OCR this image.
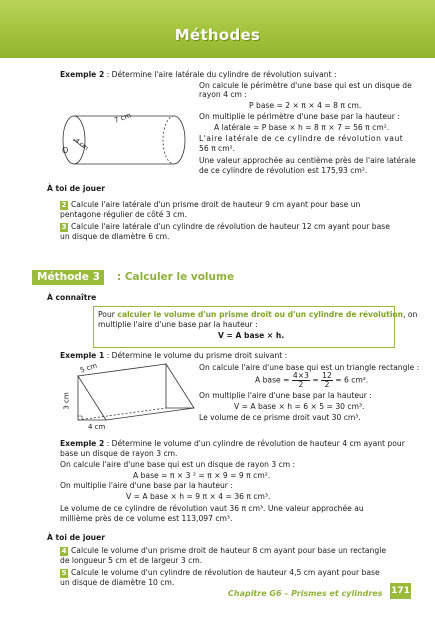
Méthodes
Exemple 2 : Détermine l'aire latérale du cylindre de révolution suivant :
O 4 cm
7 cm
On calcule le périmètre d'une base qui est un disque de
rayon 4 cm :
P base = 2 × π × 4 = 8 π cm.
On multiplie le périmètre d'une base par la hauteur :
A latérale = P base × h = 8 π × 7 = 56 π cm².
L'aire latérale de ce cylindre de révolution vaut
56 π cm².
Une valeur approchée au centième près de l'aire latérale
de ce cylindre de révolution est 175,93 cm².
À toi de jouer
2 Calcule l'aire latérale d'un prisme droit de hauteur 9 cm ayant pour base un
pentagone régulier de côté 3 cm.
3 Calcule l'aire latérale d'un cylindre de révolution de hauteur 12 cm ayant pour base
un disque de diamètre 6 cm.
Méthode 3	: Calculer le volume
À connaître
Pour calculer le volume d'un prisme droit ou d'un cylindre de révolution, on
multiplie l'aire d'une base par la hauteur :
V = A base × h.
Exemple 1 : Détermine le volume du prisme droit suivant :
5 cm
3 cm
4 cm
On calcule l'aire d'une base qui est un triangle rectangle :
A base = $\frac{4\times 3}{2} = \frac{12}{2} = 6$ cm².
On multiplie l'aire d'une base par la hauteur :
V = A base × h = 6 × 5 = 30 cm³.
Le volume de ce prisme droit vaut 30 cm³.
Exemple 2 : Détermine le volume d'un cylindre de révolution de hauteur 4 cm ayant pour
base un disque de rayon 3 cm.
On calcule l'aire d'une base qui est un disque de rayon 3 cm :
A base = π × 3 ² = π × 9 = 9 π cm².
On multiplie l'aire d'une base par la hauteur :
V = A base × h = 9 π × 4 = 36 π cm³.
Le volume de ce cylindre de révolution vaut 36 π cm³. Une valeur approchée au
millième près de ce volume est 113,097 cm³.
À toi de jouer
4 Calcule le volume d'un prisme droit de hauteur 8 cm ayant pour base un rectangle
de longueur 5 cm et de largeur 3 cm.
5 Calcule le volume d'un cylindre de révolution de hauteur 4,5 cm ayant pour base
un disque de diamètre 10 cm.
Chapitre G6 – Prismes et cylindres 171
